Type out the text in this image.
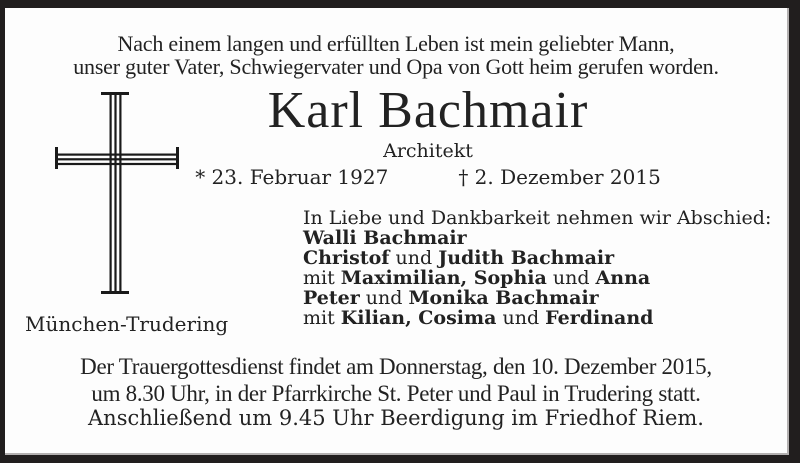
Nach einem langen und erfüllten Leben ist mein geliebter Mann,
unser guter Vater, Schwiegervater und Opa von Gott heim gerufen worden.
Karl Bachmair
Architekt
* 23. Februar 1927	† 2. Dezember 2015
In Liebe und Dankbarkeit nehmen wir Abschied:
Walli Bachmair
Christof und Judith Bachmair
mit Maximilian, Sophia und Anna
Peter und Monika Bachmair
mit Kilian, Cosima und Ferdinand
München-Trudering
Der Trauergottesdienst findet am Donnerstag, den 10. Dezember 2015,
um 8.30 Uhr, in der Pfarrkirche St. Peter und Paul in Trudering statt.
Anschließend um 9.45 Uhr Beerdigung im Friedhof Riem.
